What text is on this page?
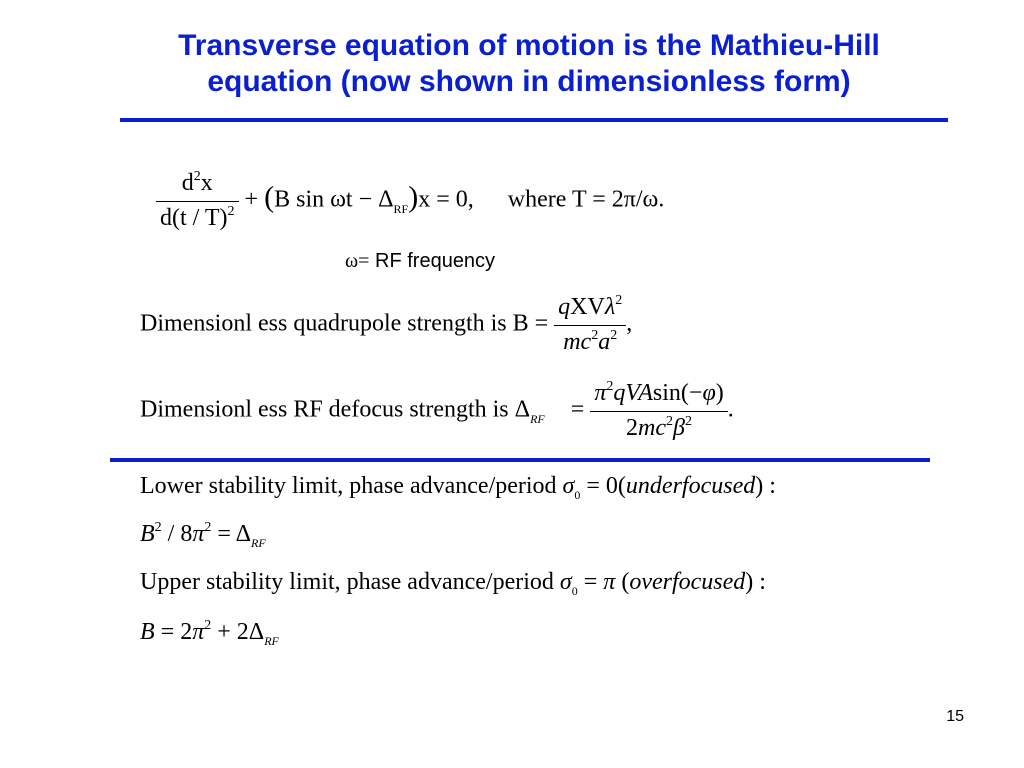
Transverse equation of motion is the Mathieu-Hill
equation (now shown in dimensionless form)
$\frac{d^2x}{d(t / T)^2} + (B$ $\sin \omega t - \Delta_{RF})x = 0$, where T = 2π/ω.
ω= RF frequency
Dimensionl ess quadrupole strength is $B = \frac{qXV\lambda^2}{mc^2a^2}$ ,
Dimensionl ess RF defocus strength is $\Delta_{RF} = \frac{\pi^2qVAsin(-\varphi)}{2mc^2\beta^2}$ .
Lower stability limit, phase advance/period $\sigma_0$ = 0(underfocused) :
$B^2 / 8\pi^2 = \Delta_{RF}$
Upper stability limit, phase advance/period $\sigma_0 = \pi$ (overfocused) :
$B = 2\pi^2 + 2\Delta_{RF}$
15
